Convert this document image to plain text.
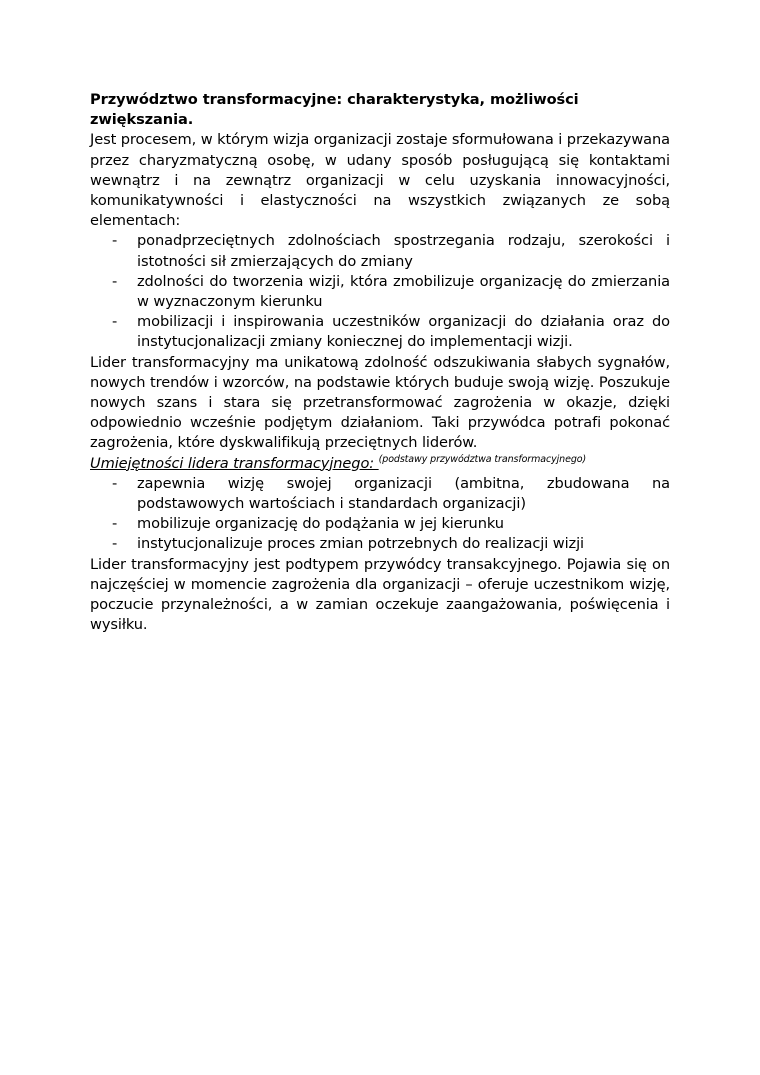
Przywództwo transformacyjne: charakterystyka, możliwości zwiększania.

Jest procesem, w którym wizja organizacji zostaje sformułowana i przekazywana przez charyzmatyczną osobę, w udany sposób posługującą się kontaktami wewnątrz i na zewnątrz organizacji w celu uzyskania innowacyjności, komunikatywności i elastyczności na wszystkich związanych ze sobą elementach:

- ponadprzeciętnych zdolnościach spostrzegania rodzaju, szerokości i istotności sił zmierzających do zmiany
- zdolności do tworzenia wizji, która zmobilizuje organizację do zmierzania w wyznaczonym kierunku
- mobilizacji i inspirowania uczestników organizacji do działania oraz do instytucjonalizacji zmiany koniecznej do implementacji wizji.

Lider transformacyjny ma unikatową zdolność odszukiwania słabych sygnałów, nowych trendów i wzorców, na podstawie których buduje swoją wizję. Poszukuje nowych szans i stara się przetransformować zagrożenia w okazje, dzięki odpowiednio wcześnie podjętym działaniom. Taki przywódca potrafi pokonać zagrożenia, które dyskwalifikują przeciętnych liderów.

Umiejętności lidera transformacyjnego: $^{(podstawy przywództwa transformacyjnego)}$

- zapewnia wizję swojej organizacji (ambitna, zbudowana na podstawowych wartościach i standardach organizacji)
- mobilizuje organizację do podążania w jej kierunku
- instytucjonalizuje proces zmian potrzebnych do realizacji wizji

Lider transformacyjny jest podtypem przywódcy transakcyjnego. Pojawia się on najczęściej w momencie zagrożenia dla organizacji – oferuje uczestnikom wizję, poczucie przynależności, a w zamian oczekuje zaangażowania, poświęcenia i wysiłku.
